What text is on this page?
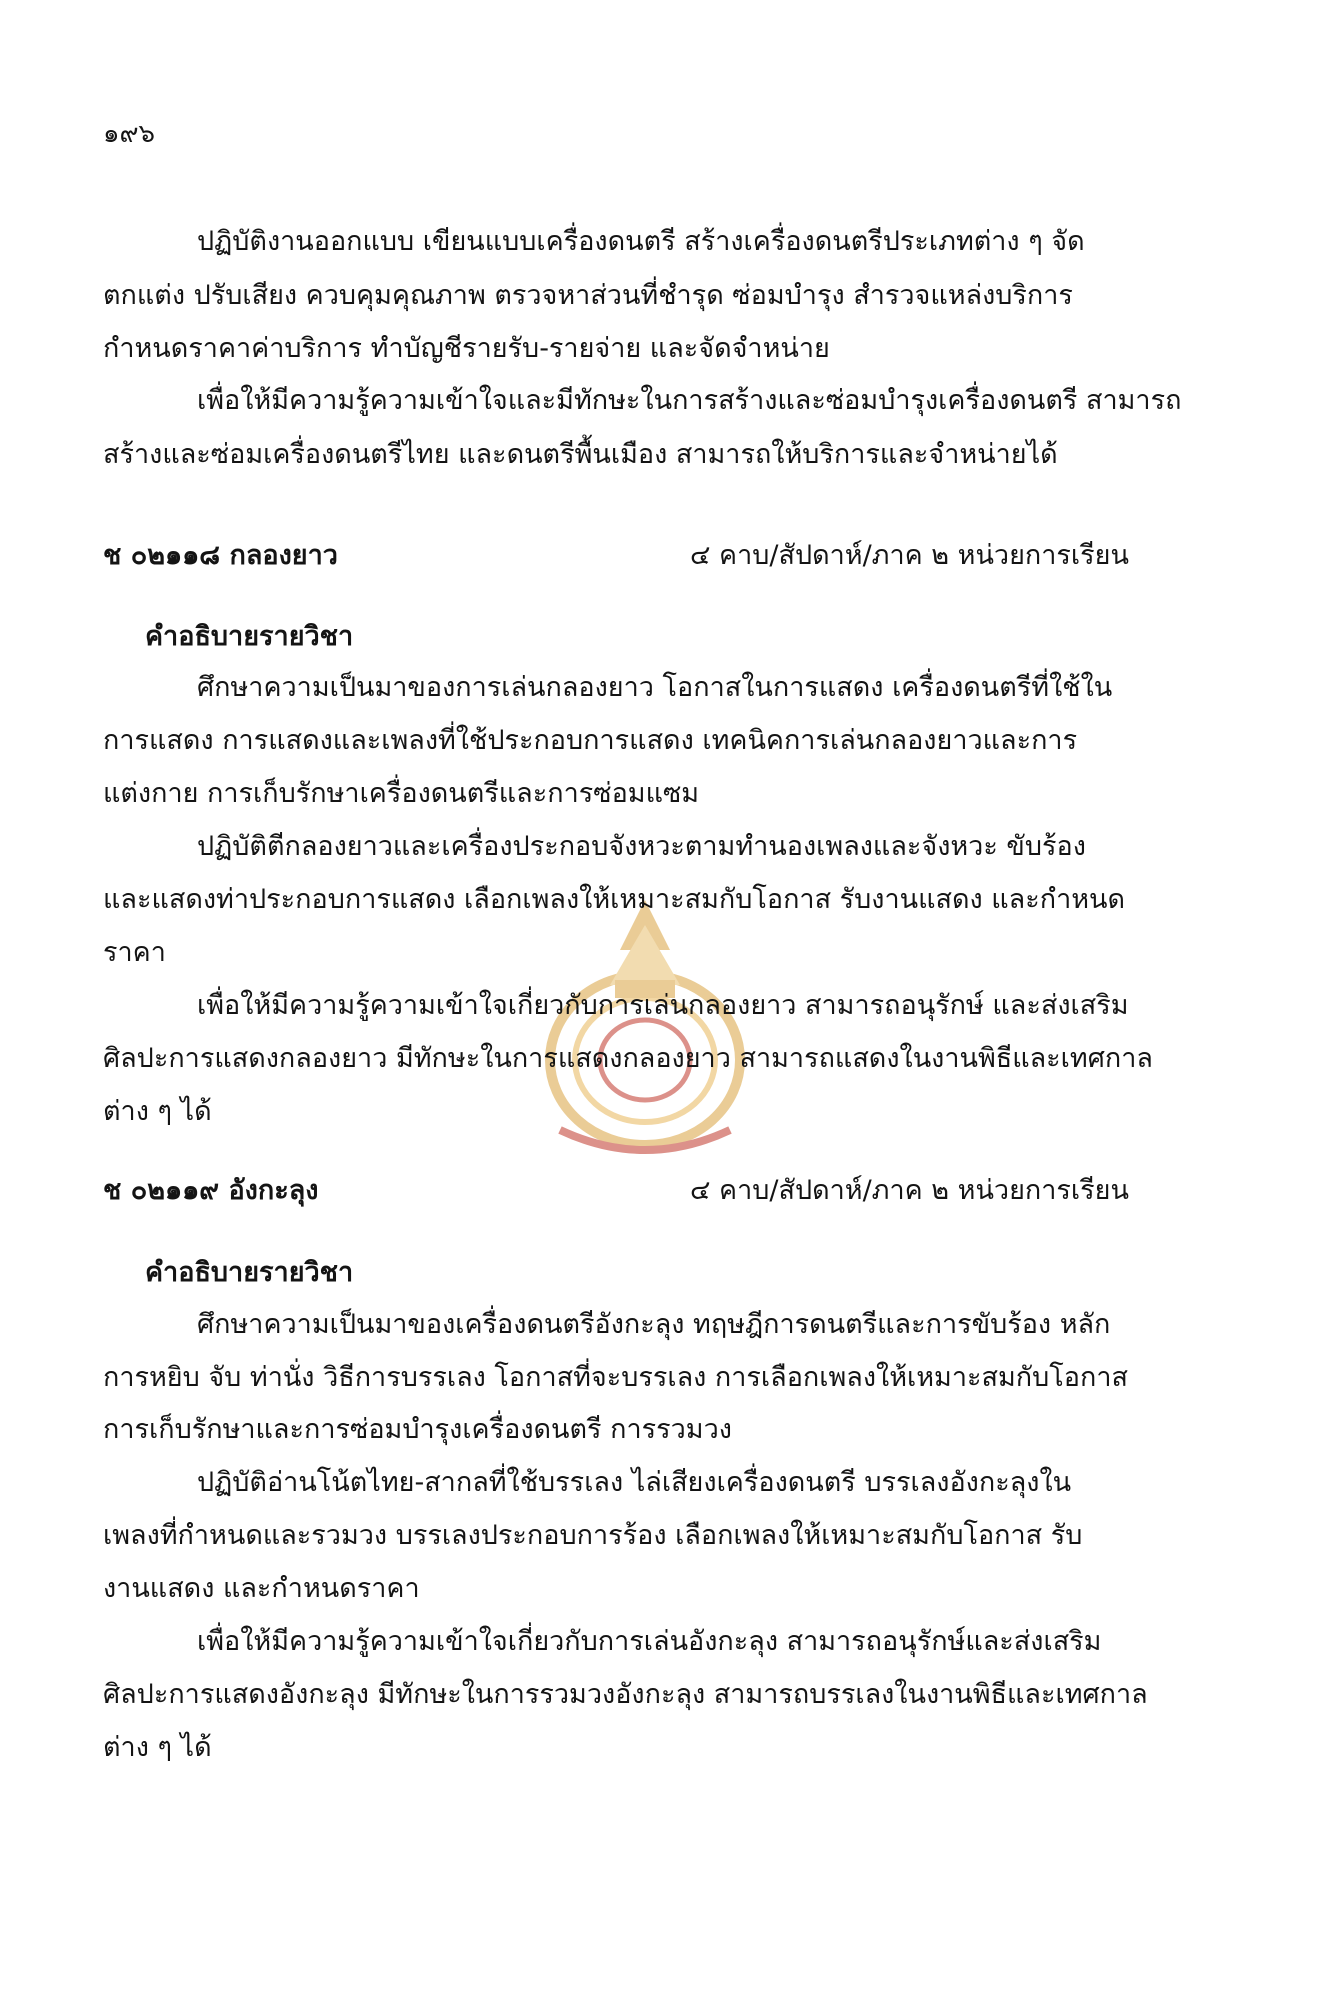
๑๙๖

ปฏิบัติงานออกแบบ เขียนแบบเครื่องดนตรี สร้างเครื่องดนตรีประเภทต่าง ๆ จัด

ตกแต่ง ปรับเสียง ควบคุมคุณภาพ ตรวจหาส่วนที่ชำรุด ซ่อมบำรุง สำรวจแหล่งบริการ

กำหนดราคาค่าบริการ ทำบัญชีรายรับ-รายจ่าย และจัดจำหน่าย

เพื่อให้มีความรู้ความเข้าใจและมีทักษะในการสร้างและซ่อมบำรุงเครื่องดนตรี สามารถ

สร้างและซ่อมเครื่องดนตรีไทย และดนตรีพื้นเมือง สามารถให้บริการและจำหน่ายได้

ช ๐๒๑๑๘ กลองยาว	๔ คาบ/สัปดาห์/ภาค ๒ หน่วยการเรียน

คำอธิบายรายวิชา

ศึกษาความเป็นมาของการเล่นกลองยาว โอกาสในการแสดง เครื่องดนตรีที่ใช้ใน

การแสดง การแสดงและเพลงที่ใช้ประกอบการแสดง เทคนิคการเล่นกลองยาวและการ

แต่งกาย การเก็บรักษาเครื่องดนตรีและการซ่อมแซม

ปฏิบัติตีกลองยาวและเครื่องประกอบจังหวะตามทำนองเพลงและจังหวะ ขับร้อง

และแสดงท่าประกอบการแสดง เลือกเพลงให้เหมาะสมกับโอกาส รับงานแสดง และกำหนด

ราคา

เพื่อให้มีความรู้ความเข้าใจเกี่ยวกับการเล่นกลองยาว สามารถอนุรักษ์ และส่งเสริม

ศิลปะการแสดงกลองยาว มีทักษะในการแสดงกลองยาว สามารถแสดงในงานพิธีและเทศกาล

ต่าง ๆ ได้

ช ๐๒๑๑๙ อังกะลุง	๔ คาบ/สัปดาห์/ภาค ๒ หน่วยการเรียน

คำอธิบายรายวิชา

ศึกษาความเป็นมาของเครื่องดนตรีอังกะลุง ทฤษฎีการดนตรีและการขับร้อง หลัก

การหยิบ จับ ท่านั่ง วิธีการบรรเลง โอกาสที่จะบรรเลง การเลือกเพลงให้เหมาะสมกับโอกาส

การเก็บรักษาและการซ่อมบำรุงเครื่องดนตรี การรวมวง

ปฏิบัติอ่านโน้ตไทย-สากลที่ใช้บรรเลง ไล่เสียงเครื่องดนตรี บรรเลงอังกะลุงใน

เพลงที่กำหนดและรวมวง บรรเลงประกอบการร้อง เลือกเพลงให้เหมาะสมกับโอกาส รับ

งานแสดง และกำหนดราคา

เพื่อให้มีความรู้ความเข้าใจเกี่ยวกับการเล่นอังกะลุง สามารถอนุรักษ์และส่งเสริม

ศิลปะการแสดงอังกะลุง มีทักษะในการรวมวงอังกะลุง สามารถบรรเลงในงานพิธีและเทศกาล

ต่าง ๆ ได้
